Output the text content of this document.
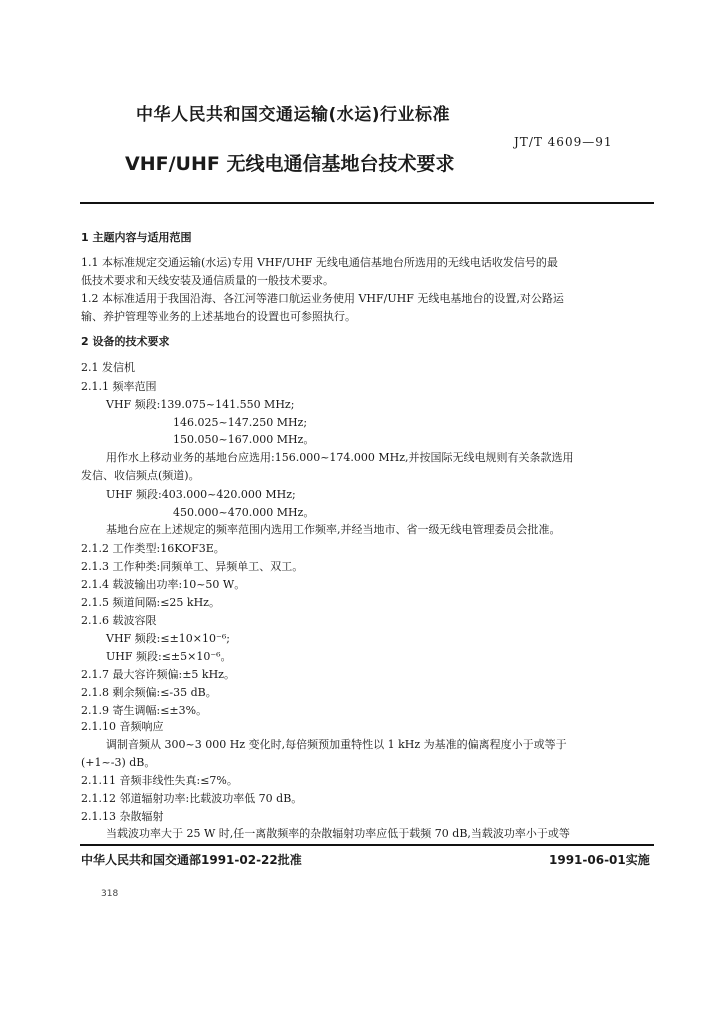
中华人民共和国交通运输(水运)行业标准
JT/T 4609—91
VHF/UHF 无线电通信基地台技术要求
1 主题内容与适用范围
1.1 本标准规定交通运输(水运)专用 VHF/UHF 无线电通信基地台所选用的无线电话收发信号的最
低技术要求和天线安装及通信质量的一般技术要求。
1.2 本标准适用于我国沿海、各江河等港口航运业务使用 VHF/UHF 无线电基地台的设置,对公路运
输、养护管理等业务的上述基地台的设置也可参照执行。
2 设备的技术要求
2.1 发信机
2.1.1 频率范围
VHF 频段:139.075~141.550 MHz;
146.025~147.250 MHz;
150.050~167.000 MHz。
用作水上移动业务的基地台应选用:156.000~174.000 MHz,并按国际无线电规则有关条款选用
发信、收信频点(频道)。
UHF 频段:403.000~420.000 MHz;
450.000~470.000 MHz。
基地台应在上述规定的频率范围内选用工作频率,并经当地市、省一级无线电管理委员会批准。
2.1.2 工作类型:16KOF3E。
2.1.3 工作种类:同频单工、异频单工、双工。
2.1.4 载波输出功率:10~50 W。
2.1.5 频道间隔:≤25 kHz。
2.1.6 载波容限
VHF 频段:≤±10×10⁻⁶;
UHF 频段:≤±5×10⁻⁶。
2.1.7 最大容许频偏:±5 kHz。
2.1.8 剩余频偏:≤-35 dB。
2.1.9 寄生调幅:≤±3%。
2.1.10 音频响应
调制音频从 300~3 000 Hz 变化时,每倍频预加重特性以 1 kHz 为基准的偏离程度小于或等于
(+1~-3) dB。
2.1.11 音频非线性失真:≤7%。
2.1.12 邻道辐射功率:比载波功率低 70 dB。
2.1.13 杂散辐射
当载波功率大于 25 W 时,任一离散频率的杂散辐射功率应低于载频 70 dB,当载波功率小于或等
中华人民共和国交通部1991-02-22批准	1991-06-01实施
318
